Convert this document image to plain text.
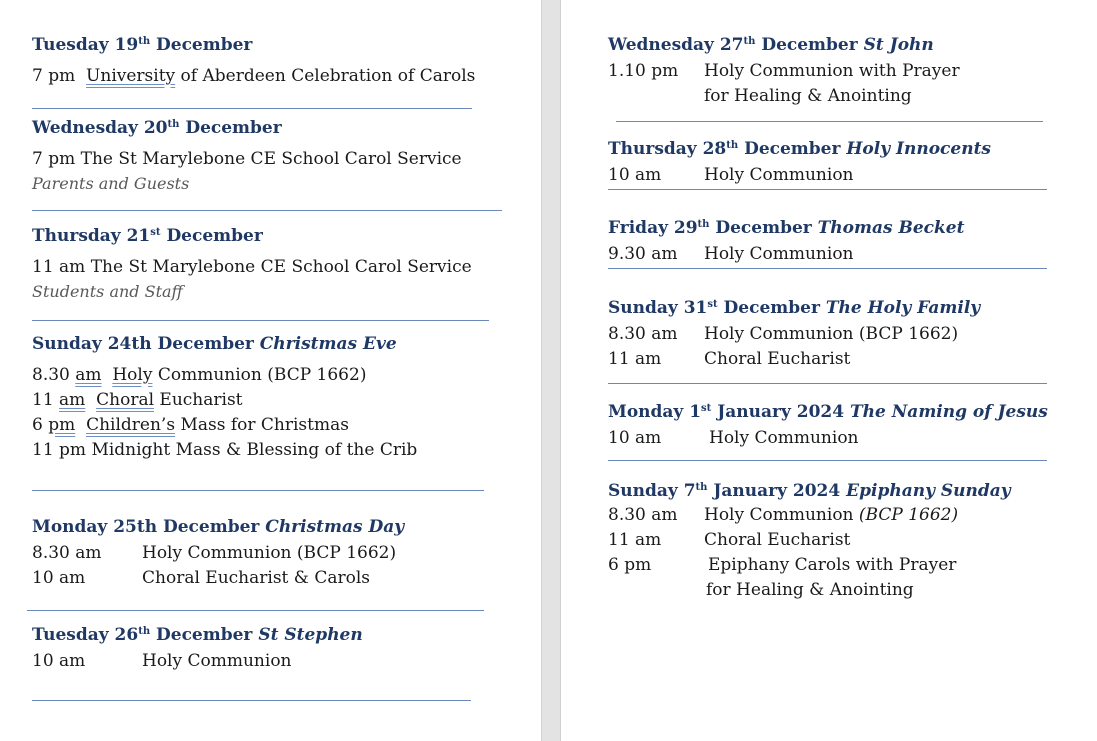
Tuesday 19th December
7 pm University of Aberdeen Celebration of Carols
Wednesday 20th December
7 pm The St Marylebone CE School Carol Service
Parents and Guests
Thursday 21st December
11 am The St Marylebone CE School Carol Service
Students and Staff
Sunday 24th December Christmas Eve
8.30 am Holy Communion (BCP 1662)
11 am Choral Eucharist
6 pm Children’s Mass for Christmas
11 pm Midnight Mass & Blessing of the Crib
Monday 25th December Christmas Day
8.30 am Holy Communion (BCP 1662)
10 am	Choral Eucharist & Carols
Tuesday 26th December St Stephen
10 am	Holy Communion
Wednesday 27th December St John
1.10 pm Holy Communion with Prayer
for Healing & Anointing
Thursday 28th December Holy Innocents
10 am	Holy Communion
Friday 29th December Thomas Becket
9.30 am Holy Communion
Sunday 31st December The Holy Family
8.30 am Holy Communion (BCP 1662)
11 am	Choral Eucharist
Monday 1st January 2024 The Naming of Jesus
10 am	Holy Communion
Sunday 7th January 2024 Epiphany Sunday
8.30 am Holy Communion (BCP 1662)
11 am	Choral Eucharist
6 pm	Epiphany Carols with Prayer
for Healing & Anointing
